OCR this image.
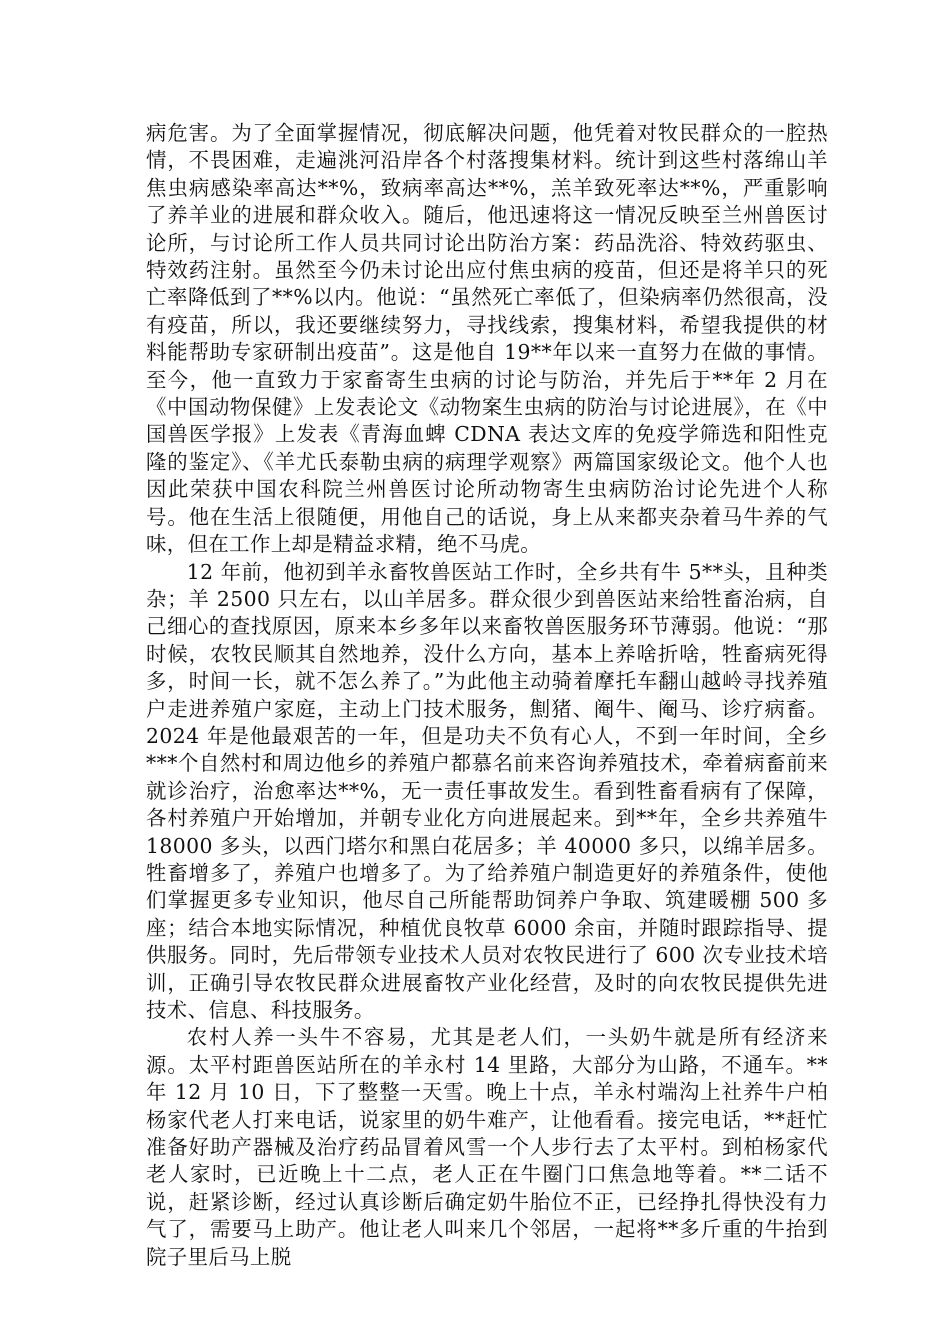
病危害。为了全面掌握情况，彻底解决问题，他凭着对牧民群众的一腔热情，不畏困难，走遍洮河沿岸各个村落搜集材料。统计到这些村落绵山羊焦虫病感染率高达**%，致病率高达**%，羔羊致死率达**%，严重影响了养羊业的进展和群众收入。随后，他迅速将这一情况反映至兰州兽医讨论所，与讨论所工作人员共同讨论出防治方案：药品洗浴、特效药驱虫、特效药注射。虽然至今仍未讨论出应付焦虫病的疫苗，但还是将羊只的死亡率降低到了**%以内。他说：“虽然死亡率低了，但染病率仍然很高，没有疫苗，所以，我还要继续努力，寻找线索，搜集材料，希望我提供的材料能帮助专家研制出疫苗”。这是他自 19**年以来一直努力在做的事情。至今，他一直致力于家畜寄生虫病的讨论与防治，并先后于**年 2 月在《中国动物保健》上发表论文《动物案生虫病的防治与讨论进展》，在《中国兽医学报》上发表《青海血蜱 CDNA 表达文库的免疫学筛选和阳性克隆的鉴定》、《羊尤氏泰勒虫病的病理学观察》两篇国家级论文。他个人也因此荣获中国农科院兰州兽医讨论所动物寄生虫病防治讨论先进个人称号。他在生活上很随便，用他自己的话说，身上从来都夹杂着马牛养的气味，但在工作上却是精益求精，绝不马虎。

12 年前，他初到羊永畜牧兽医站工作时，全乡共有牛 5**头，且种类杂；羊 2500 只左右，以山羊居多。群众很少到兽医站来给牲畜治病，自己细心的查找原因，原来本乡多年以来畜牧兽医服务环节薄弱。他说：“那时候，农牧民顺其自然地养，没什么方向，基本上养啥折啥，牲畜病死得多，时间一长，就不怎么养了。”为此他主动骑着摩托车翻山越岭寻找养殖户走进养殖户家庭，主动上门技术服务，劁猪、阉牛、阉马、诊疗病畜。2024 年是他最艰苦的一年，但是功夫不负有心人，不到一年时间，全乡***个自然村和周边他乡的养殖户都慕名前来咨询养殖技术，牵着病畜前来就诊治疗，治愈率达**%，无一责任事故发生。看到牲畜看病有了保障，各村养殖户开始增加，并朝专业化方向进展起来。到**年，全乡共养殖牛18000 多头，以西门塔尔和黑白花居多；羊 40000 多只，以绵羊居多。牲畜增多了，养殖户也增多了。为了给养殖户制造更好的养殖条件，使他们掌握更多专业知识，他尽自己所能帮助饲养户争取、筑建暖棚 500 多座；结合本地实际情况，种植优良牧草 6000 余亩，并随时跟踪指导、提供服务。同时，先后带领专业技术人员对农牧民进行了 600 次专业技术培训，正确引导农牧民群众进展畜牧产业化经营，及时的向农牧民提供先进技术、信息、科技服务。

农村人养一头牛不容易，尤其是老人们，一头奶牛就是所有经济来源。太平村距兽医站所在的羊永村 14 里路，大部分为山路，不通车。**年 12 月 10 日，下了整整一天雪。晚上十点，羊永村端沟上社养牛户柏杨家代老人打来电话，说家里的奶牛难产，让他看看。接完电话，**赶忙准备好助产器械及治疗药品冒着风雪一个人步行去了太平村。到柏杨家代老人家时，已近晚上十二点，老人正在牛圈门口焦急地等着。**二话不说，赶紧诊断，经过认真诊断后确定奶牛胎位不正，已经挣扎得快没有力气了，需要马上助产。他让老人叫来几个邻居，一起将**多斤重的牛抬到院子里后马上脱
